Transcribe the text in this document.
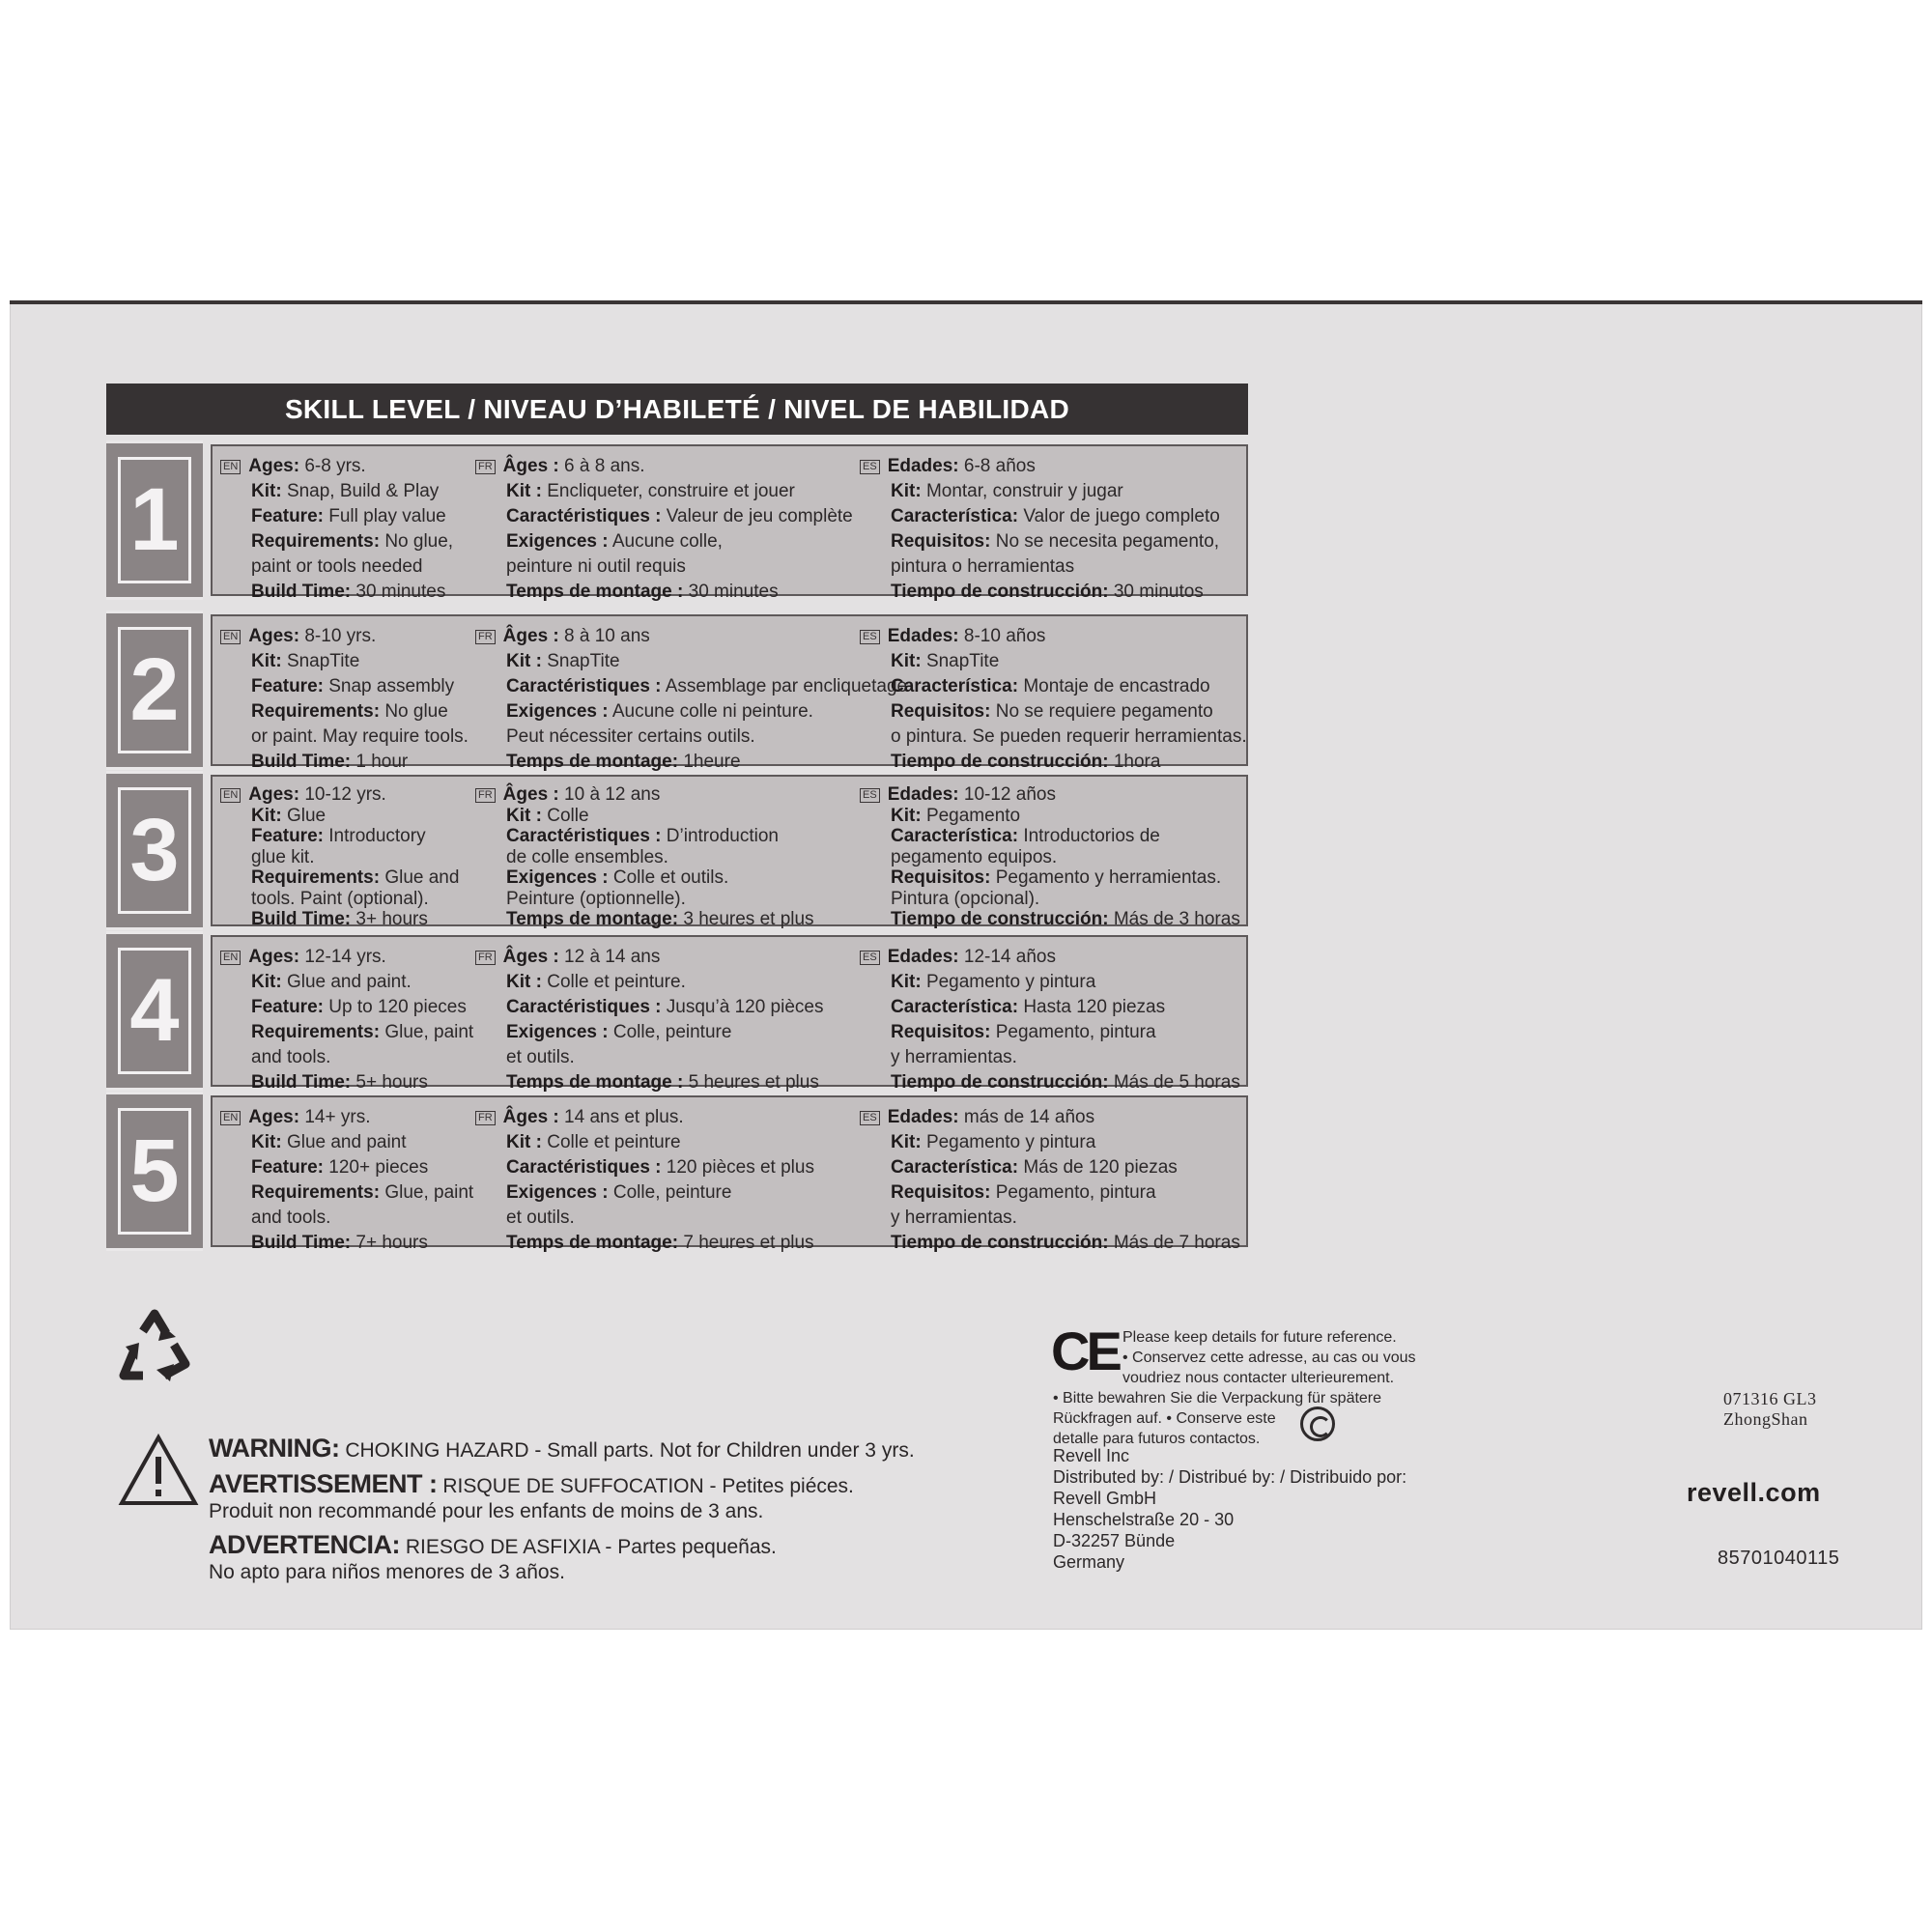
SKILL LEVEL / NIVEAU D’HABILETÉ / NIVEL DE HABILIDAD
1
EN Ages: 6-8 yrs.
Kit: Snap, Build & Play
Feature: Full play value
Requirements: No glue,
paint or tools needed
Build Time: 30 minutes
FR Âges : 6 à 8 ans.
Kit : Encliqueter, construire et jouer
Caractéristiques : Valeur de jeu complète
Exigences : Aucune colle,
peinture ni outil requis
Temps de montage : 30 minutes
ES Edades: 6-8 años
Kit: Montar, construir y jugar
Característica: Valor de juego completo
Requisitos: No se necesita pegamento,
pintura o herramientas
Tiempo de construcción: 30 minutos
2
EN Ages: 8-10 yrs.
Kit: SnapTite
Feature: Snap assembly
Requirements: No glue
or paint. May require tools.
Build Time: 1 hour
FR Âges : 8 à 10 ans
Kit : SnapTite
Caractéristiques : Assemblage par encliquetage
Exigences : Aucune colle ni peinture.
Peut nécessiter certains outils.
Temps de montage: 1heure
ES Edades: 8-10 años
Kit: SnapTite
Característica: Montaje de encastrado
Requisitos: No se requiere pegamento
o pintura. Se pueden requerir herramientas.
Tiempo de construcción: 1hora
3
EN Ages: 10-12 yrs.
Kit: Glue
Feature: Introductory
glue kit.
Requirements: Glue and
tools. Paint (optional).
Build Time: 3+ hours
FR Âges : 10 à 12 ans
Kit : Colle
Caractéristiques : D’introduction
de colle ensembles.
Exigences : Colle et outils.
Peinture (optionnelle).
Temps de montage: 3 heures et plus
ES Edades: 10-12 años
Kit: Pegamento
Característica: Introductorios de
pegamento equipos.
Requisitos: Pegamento y herramientas.
Pintura (opcional).
Tiempo de construcción: Más de 3 horas
4
EN Ages: 12-14 yrs.
Kit: Glue and paint.
Feature: Up to 120 pieces
Requirements: Glue, paint
and tools.
Build Time: 5+ hours
FR Âges : 12 à 14 ans
Kit : Colle et peinture.
Caractéristiques : Jusqu’à 120 pièces
Exigences : Colle, peinture
et outils.
Temps de montage : 5 heures et plus
ES Edades: 12-14 años
Kit: Pegamento y pintura
Característica: Hasta 120 piezas
Requisitos: Pegamento, pintura
y herramientas.
Tiempo de construcción: Más de 5 horas
5
EN Ages: 14+ yrs.
Kit: Glue and paint
Feature: 120+ pieces
Requirements: Glue, paint
and tools.
Build Time: 7+ hours
FR Âges : 14 ans et plus.
Kit : Colle et peinture
Caractéristiques : 120 pièces et plus
Exigences : Colle, peinture
et outils.
Temps de montage: 7 heures et plus
ES Edades: más de 14 años
Kit: Pegamento y pintura
Característica: Más de 120 piezas
Requisitos: Pegamento, pintura
y herramientas.
Tiempo de construcción: Más de 7 horas
WARNING: CHOKING HAZARD - Small parts. Not for Children under 3 yrs.
AVERTISSEMENT : RISQUE DE SUFFOCATION - Petites piéces.
Produit non recommandé pour les enfants de moins de 3 ans.
ADVERTENCIA: RIESGO DE ASFIXIA - Partes pequeñas.
No apto para niños menores de 3 años.
CE Please keep details for future reference.
• Conservez cette adresse, au cas ou vous
voudriez nous contacter ulterieurement.
• Bitte bewahren Sie die Verpackung für spätere
Rückfragen auf. • Conserve este
detalle para futuros contactos.
Revell Inc
Distributed by: / Distribué by: / Distribuido por:
Revell GmbH
Henschelstraße 20 - 30
D-32257 Bünde
Germany
071316 GL3
ZhongShan
revell.com
85701040115
